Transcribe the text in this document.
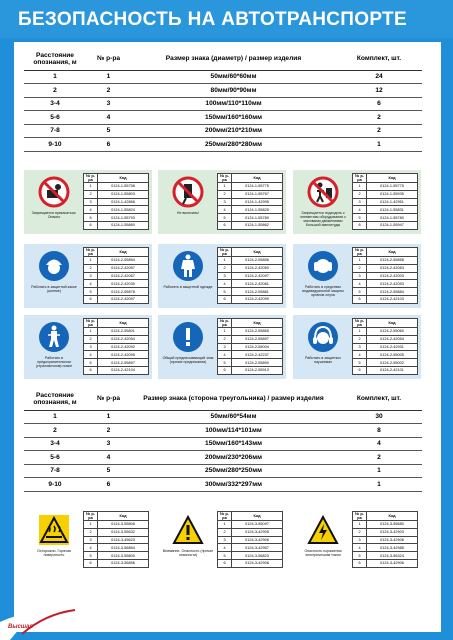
БЕЗОПАСНОСТЬ НА АВТОТРАНСПОРТЕ
Расстояние опознания, м	№ р-ра	Размер знака (диаметр) / размер изделия	Комплект, шт.
1	1	50мм/60*60мм	24
2	2	80мм/90*90мм	12
3-4	3	100мм/110*110мм	6
5-6	4	150мм/160*160мм	2
7-8	5	200мм/210*210мм	2
9-10	6	250мм/280*280мм	1
Расстояние опознания, м	№ р-ра	Размер знака (сторона треугольника) / размер изделия	Комплект, шт.
1	1	50мм/60*54мм	30
2	2	100мм/114*101мм	8
3-4	3	150мм/160*143мм	4
5-6	4	200мм/230*206мм	2
7-8	5	250мм/280*250мм	1
9-10	6	300мм/332*297мм	1
Запрещается прикасаться. Опасно
№ р-ра	Код
1	0124-1-55758
2	0124-1-55803
3	0124-1-42866
4	0124-1-55824
5	0124-1-55793
6	0124-1-55860
Не включать!
№ р-ра	Код
1	0124-1-55775
2	0124-1-55767
3	0124-1-42995
4	0124-1-55825
5	0124-1-55780
6	0124-1-55862
Запрещается подходить к элементам оборудования с маховыми движениями большой амплитуды
№ р-ра	Код
1	0124-1-55775
2	0124-1-55935
3	0124-1-42951
4	0124-1-55831
5	0124-1-55780
6	0124-1-55947
Работать в защитной каске (шлеме)
№ р-ра	Код
1	0124-2-55854
2	0124-2-42057
3	0124-2-42067
4	0124-2-42039
5	0124-2-55878
6	0124-2-42097
Работать в защитной одежде
№ р-ра	Код
1	0124-2-55856
2	0124-2-42050
3	0124-2-42097
4	0124-2-42081
5	0124-2-55881
6	0124-2-42099
Работать в средствах индивидуальной защиты органов слуха
№ р-ра	Код
1	0124-2-55858
2	0124-2-42063
3	0124-2-42003
4	0124-2-42093
5	0124-2-55884
6	0124-2-42103
Работать в предохранительном (страховочном) поясе
№ р-ра	Код
1	0124-2-55801
2	0124-2-42054
3	0124-2-42092
4	0124-2-42095
5	0124-2-55897
6	0124-2-42104
Общий предписывающий знак (прочие предписания)
№ р-ра	Код
1	0124-2-55865
2	0124-2-55897
3	0124-2-55004
4	0124-2-42237
5	0124-2-55890
6	0124-2-55913
Работать в защитных наушниках
№ р-ра	Код
1	0124-2-55060
2	0124-2-42054
3	0124-2-42931
4	0124-2-55005
5	0124-2-55002
6	0124-2-42101
Осторожно. Горячая поверхность
№ р-ра	Код
1	0124-3-55808
2	0124-3-55632
3	0124-3-45623
4	0124-3-56854
5	0124-3-55800
6	0124-3-56856
Внимание. Опасность (прочие опасности)
№ р-ра	Код
1	0124-3-55097
2	0124-3-42905
3	0124-3-42906
4	0124-3-42957
5	0124-3-56823
6	0124-3-42908
Опасность поражения электрическим током
№ р-ра	Код
1	0124-3-55680
2	0124-3-42903
3	0124-3-42906
4	0124-3-42985
5	0124-3-56324
6	0124-3-42906
Высшая
